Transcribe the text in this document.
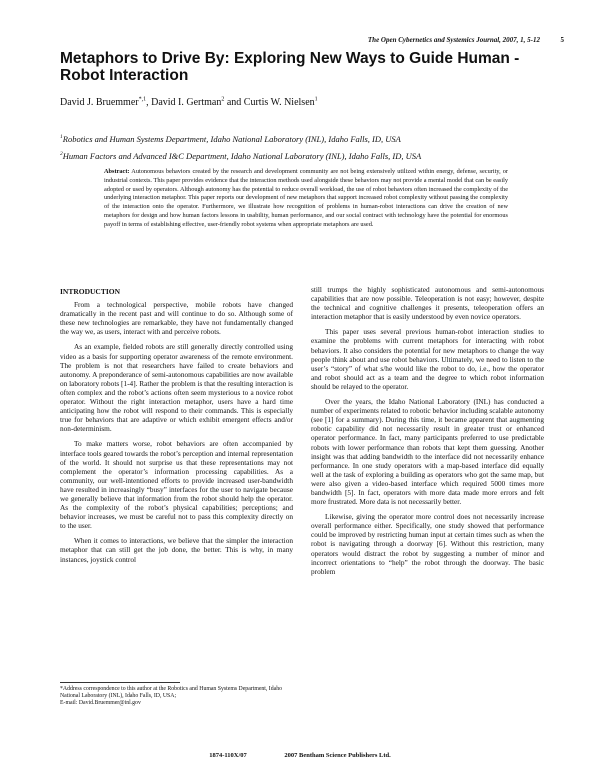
The Open Cybernetics and Systemics Journal, 2007, 1, 5-12	5
Metaphors to Drive By: Exploring New Ways to Guide Human - Robot Interaction
David J. Bruemmer$^{*,1}$, David I. Gertman$^2$ and Curtis W. Nielsen$^1$
$^1$Robotics and Human Systems Department, Idaho National Laboratory (INL), Idaho Falls, ID, USA
$^2$Human Factors and Advanced I&C Department, Idaho National Laboratory (INL), Idaho Falls, ID, USA

Abstract: Autonomous behaviors created by the research and development community are not being extensively utilized within energy, defense, security, or industrial contexts. This paper provides evidence that the interaction methods used alongside these behaviors may not provide a mental model that can be easily adopted or used by operators. Although autonomy has the potential to reduce overall workload, the use of robot behaviors often increased the complexity of the underlying interaction metaphor. This paper reports our development of new metaphors that support increased robot complexity without passing the complexity of the interaction onto the operator. Furthermore, we illustrate how recognition of problems in human-robot interactions can drive the creation of new metaphors for design and how human factors lessons in usability, human performance, and our social contract with technology have the potential for enormous payoff in terms of establishing effective, user-friendly robot systems when appropriate metaphors are used.

INTRODUCTION

From a technological perspective, mobile robots have changed dramatically in the recent past and will continue to do so. Although some of these new technologies are remarkable, they have not fundamentally changed the way we, as users, interact with and perceive robots.

As an example, fielded robots are still generally directly controlled using video as a basis for supporting operator awareness of the remote environment. The problem is not that researchers have failed to create behaviors and autonomy. A preponderance of semi-autonomous capabilities are now available on laboratory robots [1-4]. Rather the problem is that the resulting interaction is often complex and the robot’s actions often seem mysterious to a novice robot operator. Without the right interaction metaphor, users have a hard time anticipating how the robot will respond to their commands. This is especially true for behaviors that are adaptive or which exhibit emergent effects and/or non-determinism.

To make matters worse, robot behaviors are often accompanied by interface tools geared towards the robot’s perception and internal representation of the world. It should not surprise us that these representations may not complement the operator’s information processing capabilities. As a community, our well-intentioned efforts to provide increased user-bandwidth have resulted in increasingly “busy” interfaces for the user to navigate because we generally believe that information from the robot should help the operator. As the complexity of the robot’s physical capabilities; perceptions; and behavior increases, we must be careful not to pass this complexity directly on to the user.

When it comes to interactions, we believe that the simpler the interaction metaphor that can still get the job done, the better. This is why, in many instances, joystick control

still trumps the highly sophisticated autonomous and semi-autonomous capabilities that are now possible. Teleoperation is not easy; however, despite the technical and cognitive challenges it presents, teleoperation offers an interaction metaphor that is easily understood by even novice operators.

This paper uses several previous human-robot interaction studies to examine the problems with current metaphors for interacting with robot behaviors. It also considers the potential for new metaphors to change the way people think about and use robot behaviors. Ultimately, we need to listen to the user’s “story” of what s/he would like the robot to do, i.e., how the operator and robot should act as a team and the degree to which robot information should be relayed to the operator.

Over the years, the Idaho National Laboratory (INL) has conducted a number of experiments related to robotic behavior including scalable autonomy (see [1] for a summary). During this time, it became apparent that augmenting robotic capability did not necessarily result in greater trust or enhanced operator performance. In fact, many participants preferred to use predictable robots with lower performance than robots that kept them guessing. Another insight was that adding bandwidth to the interface did not necessarily enhance performance. In one study operators with a map-based interface did equally well at the task of exploring a building as operators who got the same map, but were also given a video-based interface which required 5000 times more bandwidth [5]. In fact, operators with more data made more errors and felt more frustrated. More data is not necessarily better.

Likewise, giving the operator more control does not necessarily increase overall performance either. Specifically, one study showed that performance could be improved by restricting human input at certain times such as when the robot is navigating through a doorway [6]. Without this restriction, many operators would distract the robot by suggesting a number of minor and incorrect orientations to “help” the robot through the doorway. The basic problem

*Address correspondence to this author at the Robotics and Human Systems Department, Idaho National Laboratory (INL), Idaho Falls, ID, USA;
E-mail: David.Bruemmer@inl.gov
1874-110X/07	2007 Bentham Science Publishers Ltd.
